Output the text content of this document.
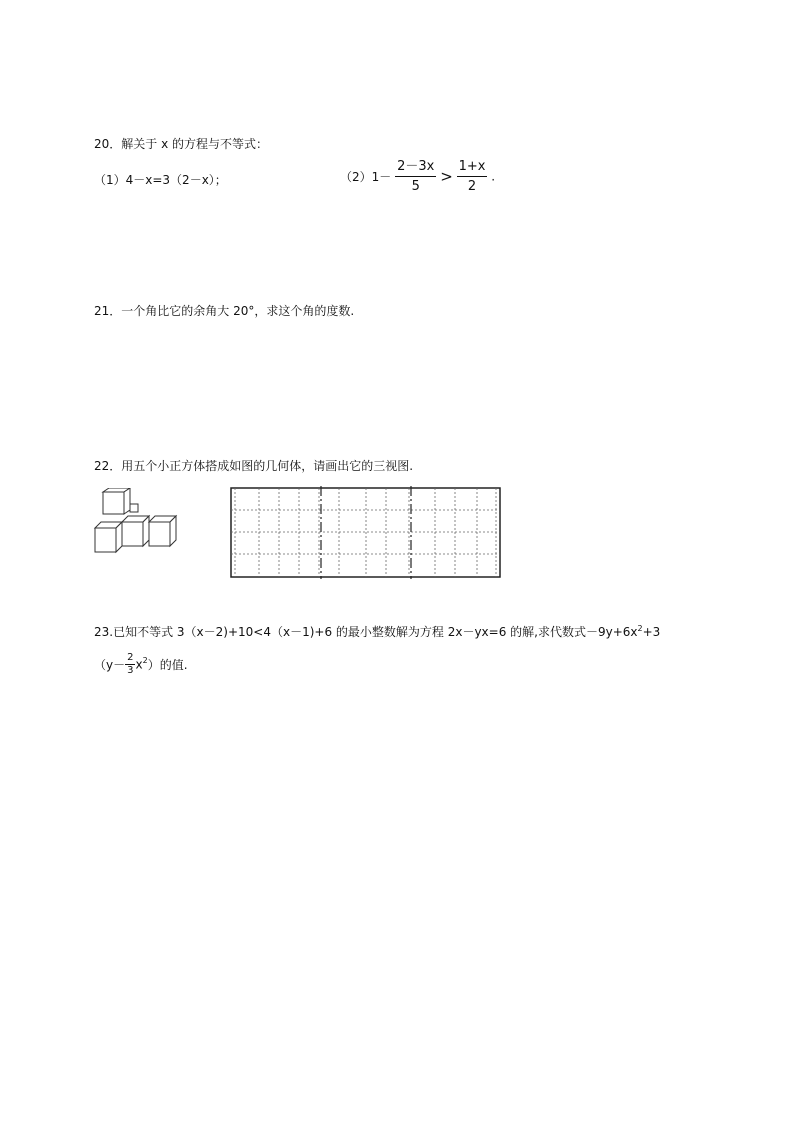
20．解关于 x 的方程与不等式：
（1）4－x=3（2－x）；	$(2)1- \frac{2-3x}{5} > \frac{1+x}{2}$ .
21．一个角比它的余角大 20°，求这个角的度数.
22．用五个小正方体搭成如图的几何体，请画出它的三视图.
23.已知不等式 3（x－2)+10<4（x－1)+6 的最小整数解为方程 2x－yx=6 的解,求代数式$-9y+6x^2+3$
$(y- \frac{2}{3} x^2)$的值.
